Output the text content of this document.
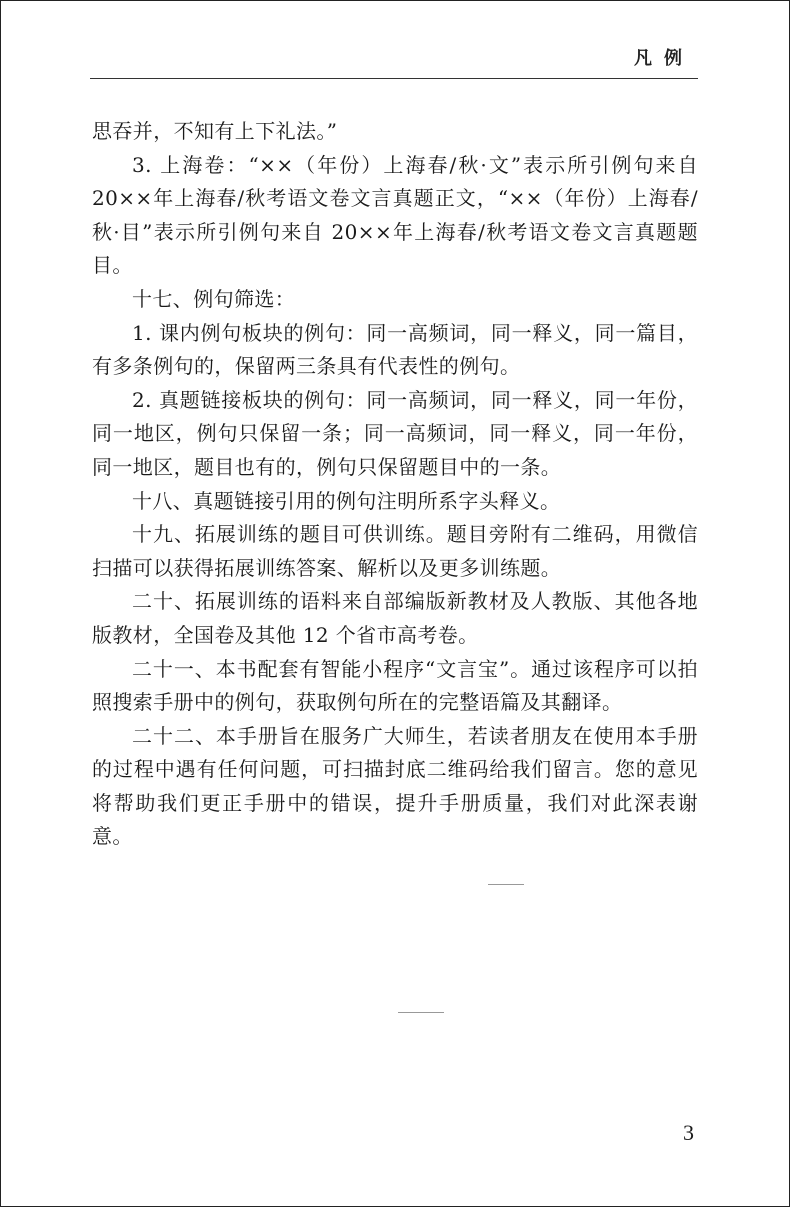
凡例

思吞并，不知有上下礼法。”

3. 上海卷：“××（年份）上海春/秋·文”表示所引例句来自20××年上海春/秋考语文卷文言真题正文，“××（年份）上海春/秋·目”表示所引例句来自 20××年上海春/秋考语文卷文言真题题目。

十七、例句筛选：

1. 课内例句板块的例句：同一高频词，同一释义，同一篇目，有多条例句的，保留两三条具有代表性的例句。

2. 真题链接板块的例句：同一高频词，同一释义，同一年份，同一地区，例句只保留一条；同一高频词，同一释义，同一年份，同一地区，题目也有的，例句只保留题目中的一条。

十八、真题链接引用的例句注明所系字头释义。

十九、拓展训练的题目可供训练。题目旁附有二维码，用微信扫描可以获得拓展训练答案、解析以及更多训练题。

二十、拓展训练的语料来自部编版新教材及人教版、其他各地版教材，全国卷及其他 12 个省市高考卷。

二十一、本书配套有智能小程序“文言宝”。通过该程序可以拍照搜索手册中的例句，获取例句所在的完整语篇及其翻译。

二十二、本手册旨在服务广大师生，若读者朋友在使用本手册的过程中遇有任何问题，可扫描封底二维码给我们留言。您的意见将帮助我们更正手册中的错误，提升手册质量，我们对此深表谢意。

3
